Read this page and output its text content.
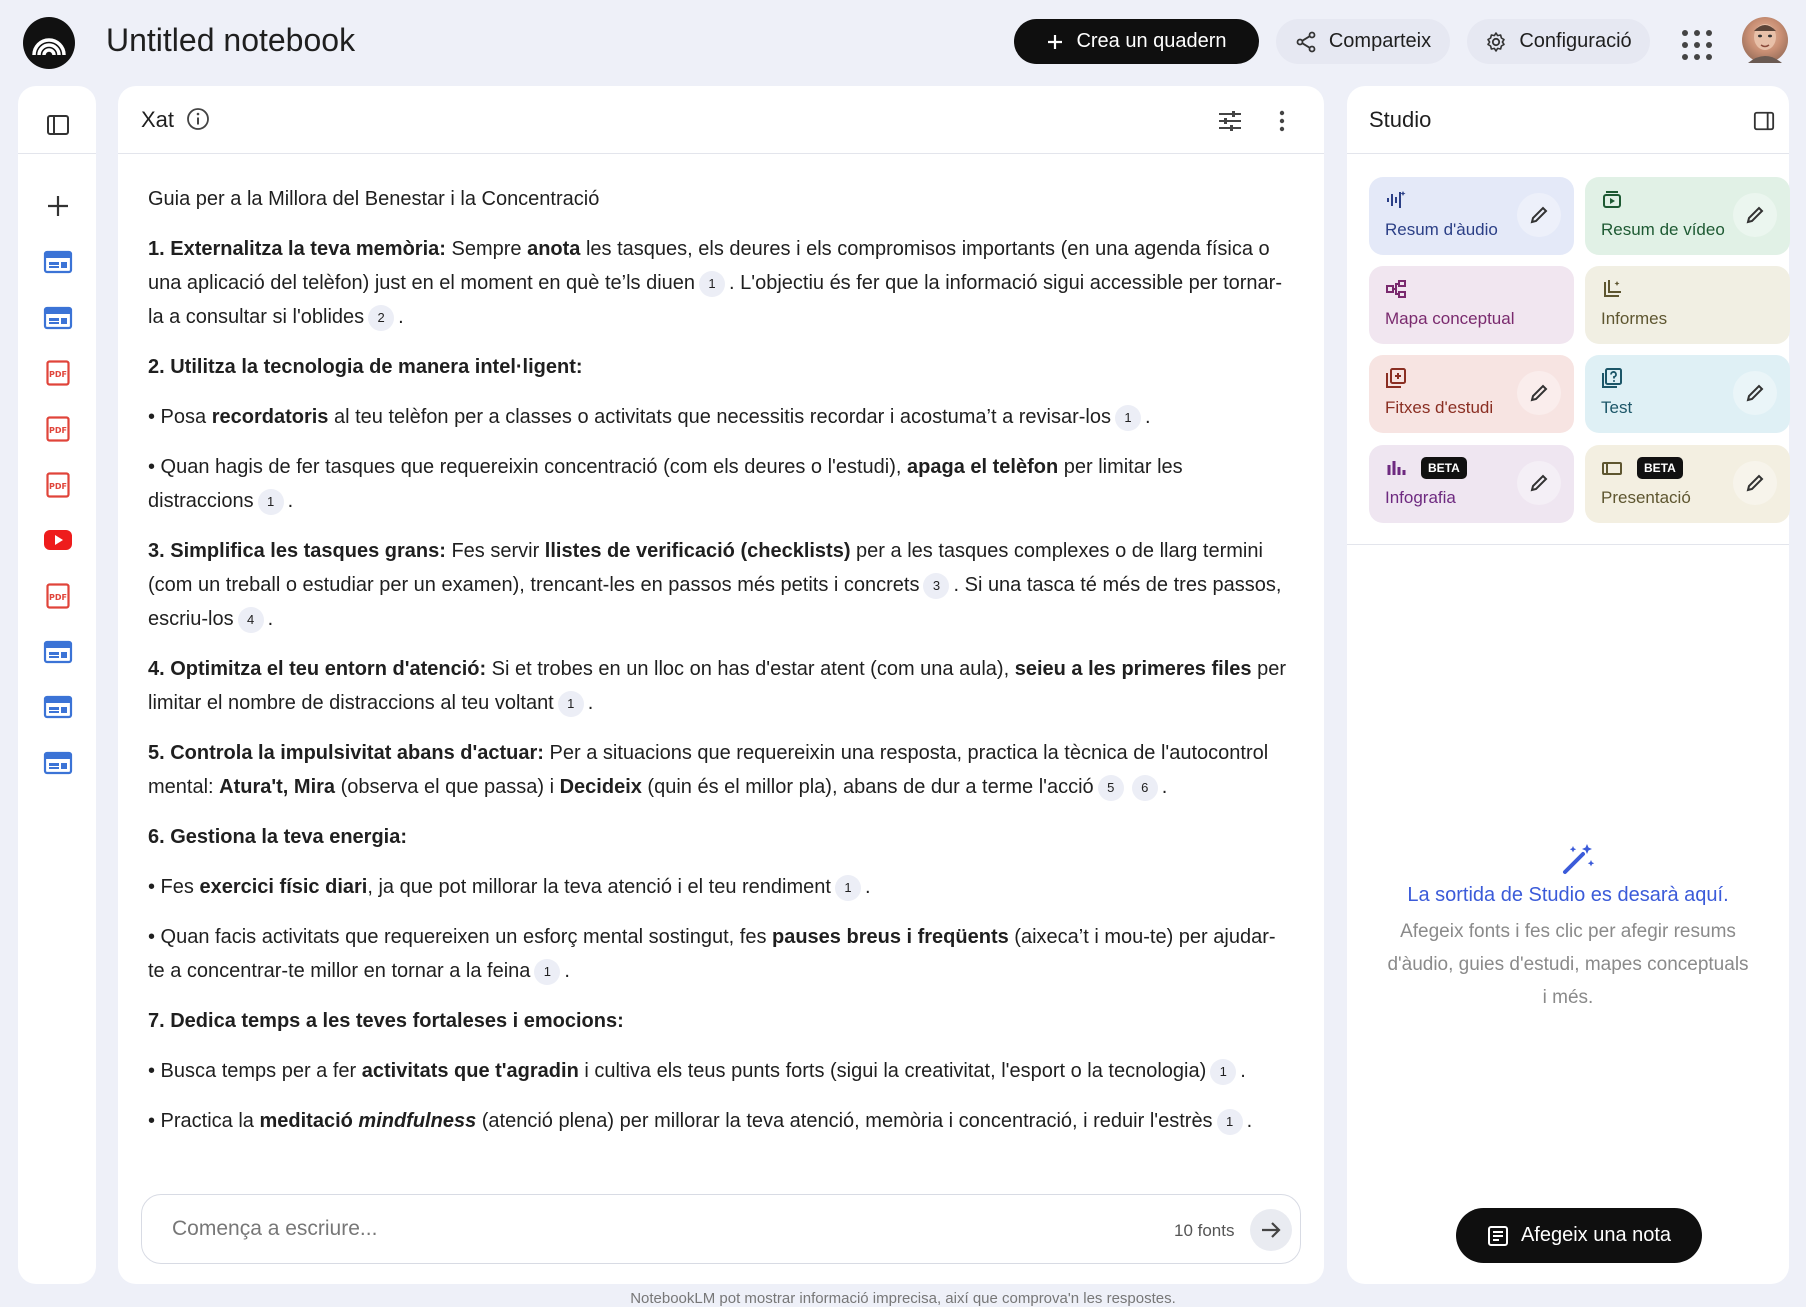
Untitled notebook	Crea un quadern	Comparteix	Configuració
PDF
PDF
PDF
PDF
Xat

Guia per a la Millora del Benestar i la Concentració

1. Externalitza la teva memòria: Sempre anota les tasques, els deures i els compromisos importants (en una agenda física o una aplicació del telèfon) just en el moment en què te’ls diuen 1 . L'objectiu és fer que la informació sigui accessible per tornar-la a consultar si l'oblides 2 .

2. Utilitza la tecnologia de manera intel·ligent:

• Posa recordatoris al teu telèfon per a classes o activitats que necessitis recordar i acostuma’t a revisar-los 1 .

• Quan hagis de fer tasques que requereixin concentració (com els deures o l'estudi), apaga el telèfon per limitar les distraccions 1 .

3. Simplifica les tasques grans: Fes servir llistes de verificació (checklists) per a les tasques complexes o de llarg termini (com un treball o estudiar per un examen), trencant-les en passos més petits i concrets 3 . Si una tasca té més de tres passos, escriu-los 4 .

4. Optimitza el teu entorn d'atenció: Si et trobes en un lloc on has d'estar atent (com una aula), seieu a les primeres files per limitar el nombre de distraccions al teu voltant 1 .

5. Controla la impulsivitat abans d'actuar: Per a situacions que requereixin una resposta, practica la tècnica de l'autocontrol mental: Atura't, Mira (observa el que passa) i Decideix (quin és el millor pla), abans de dur a terme l'acció 5 6 .

6. Gestiona la teva energia:

• Fes exercici físic diari, ja que pot millorar la teva atenció i el teu rendiment 1 .

• Quan facis activitats que requereixen un esforç mental sostingut, fes pauses breus i freqüents (aixeca’t i mou-te) per ajudar-te a concentrar-te millor en tornar a la feina 1 .

7. Dedica temps a les teves fortaleses i emocions:

• Busca temps per a fer activitats que t'agradin i cultiva els teus punts forts (sigui la creativitat, l'esport o la tecnologia) 1 .

• Practica la meditació mindfulness (atenció plena) per millorar la teva atenció, memòria i concentració, i reduir l'estrès 1 .

Comença a escriure...	10 fonts
Studio
Resum d'àudio	Resum de vídeo
Mapa conceptual	Informes
Fitxes d'estudi	Test
BETA
Infografia
BETA
Presentació
La sortida de Studio es desarà aquí.
Afegeix fonts i fes clic per afegir resums d'àudio, guies d'estudi, mapes conceptuals i més.
Afegeix una nota
NotebookLM pot mostrar informació imprecisa, així que comprova'n les respostes.
